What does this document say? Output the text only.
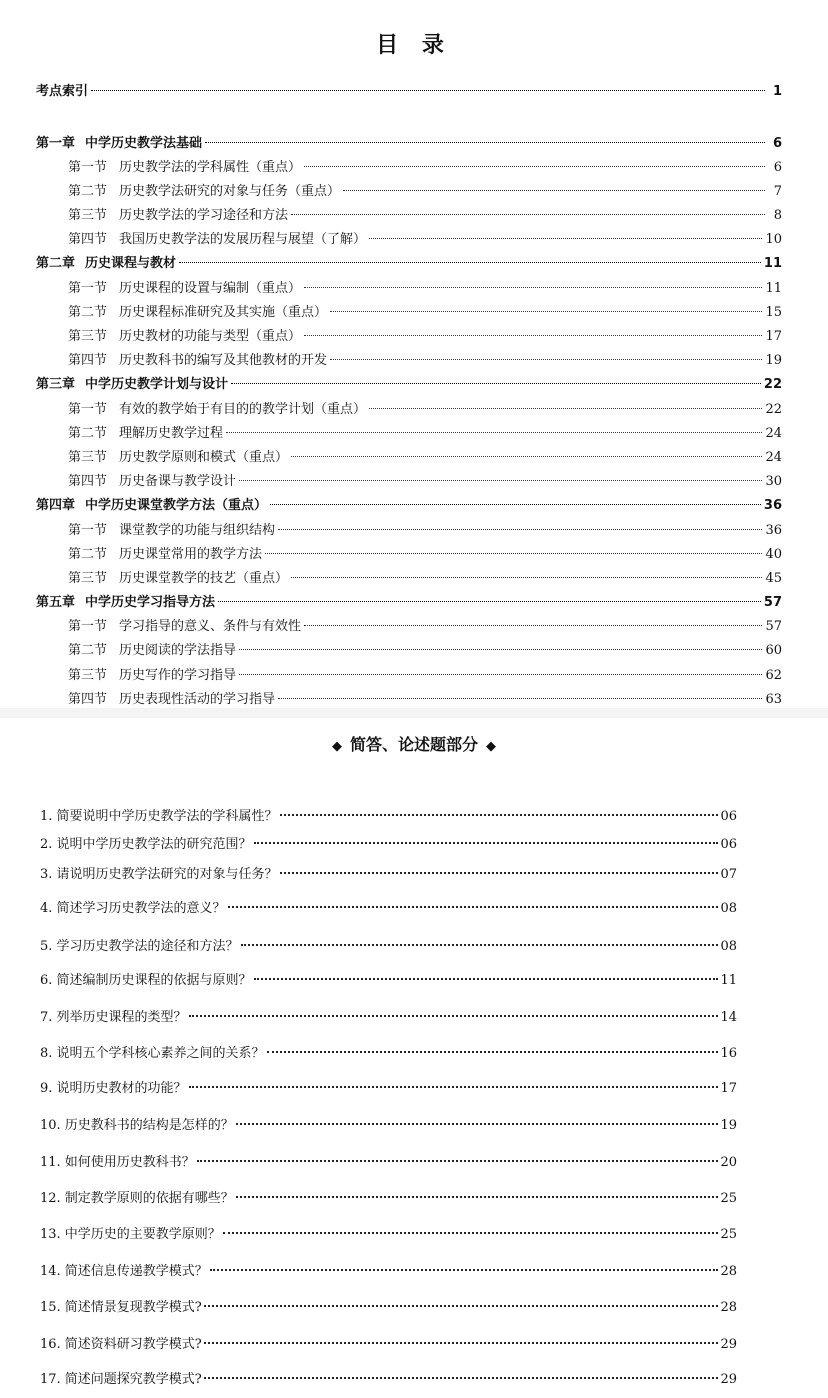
目 录
考点索引	1
第一章 中学历史教学法基础	6
第一节 历史教学法的学科属性（重点）	6
第二节 历史教学法研究的对象与任务（重点）	7
第三节 历史教学法的学习途径和方法	8
第四节 我国历史教学法的发展历程与展望（了解）	10
第二章 历史课程与教材	11
第一节 历史课程的设置与编制（重点）	11
第二节 历史课程标准研究及其实施（重点）	15
第三节 历史教材的功能与类型（重点）	17
第四节 历史教科书的编写及其他教材的开发	19
第三章 中学历史教学计划与设计	22
第一节 有效的教学始于有目的的教学计划（重点）	22
第二节 理解历史教学过程	24
第三节 历史教学原则和模式（重点）	24
第四节 历史备课与教学设计	30
第四章 中学历史课堂教学方法（重点）	36
第一节 课堂教学的功能与组织结构	36
第二节 历史课堂常用的教学方法	40
第三节 历史课堂教学的技艺（重点）	45
第五章 中学历史学习指导方法	57
第一节 学习指导的意义、条件与有效性	57
第二节 历史阅读的学法指导	60
第三节 历史写作的学习指导	62
第四节 历史表现性活动的学习指导	63
◆ 简答、论述题部分 ◆
1. 简要说明中学历史教学法的学科属性？	06
2. 说明中学历史教学法的研究范围？	06
3. 请说明历史教学法研究的对象与任务？	07
4. 简述学习历史教学法的意义？	08
5. 学习历史教学法的途径和方法？	08
6. 简述编制历史课程的依据与原则？	11
7. 列举历史课程的类型？	14
8. 说明五个学科核心素养之间的关系？	16
9. 说明历史教材的功能？	17
10. 历史教科书的结构是怎样的？	19
11. 如何使用历史教科书？	20
12. 制定教学原则的依据有哪些？	25
13. 中学历史的主要教学原则？	25
14. 简述信息传递教学模式？	28
15. 简述情景复现教学模式?	28
16. 简述资料研习教学模式?	29
17. 简述问题探究教学模式?	29
